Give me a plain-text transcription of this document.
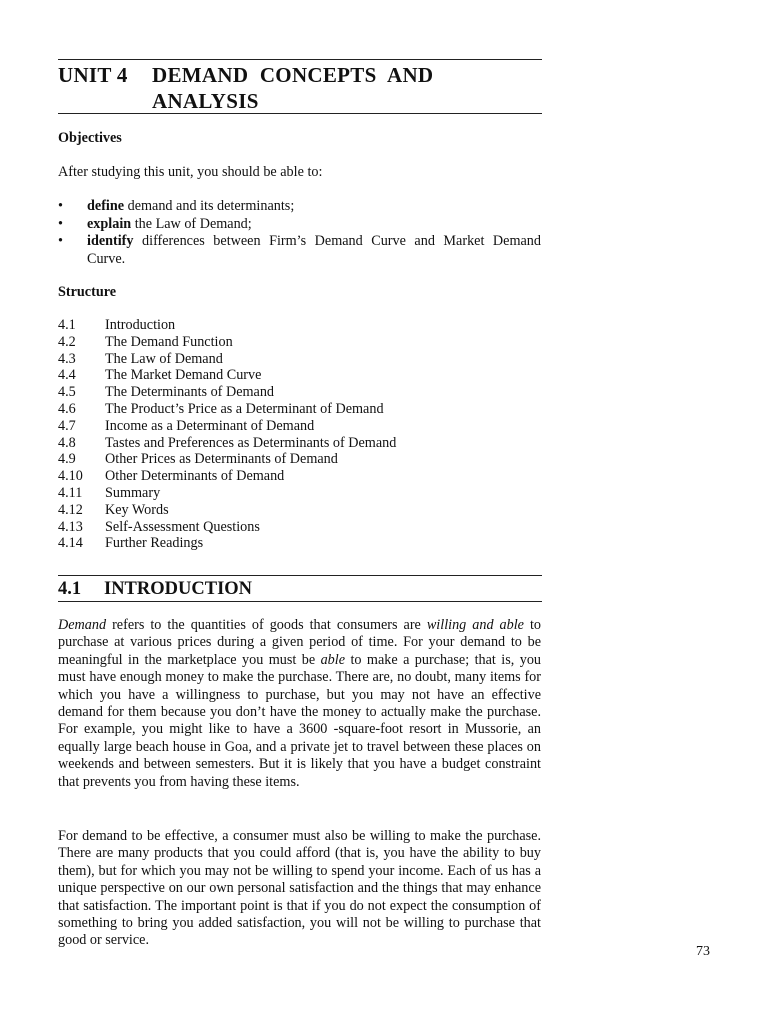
UNIT 4 DEMAND CONCEPTS AND
ANALYSIS
Objectives
After studying this unit, you should be able to:
• define demand and its determinants;
• explain the Law of Demand;
• identify differences between Firm’s Demand Curve and Market Demand Curve.
Structure
4.1 Introduction
4.2 The Demand Function
4.3 The Law of Demand
4.4 The Market Demand Curve
4.5 The Determinants of Demand
4.6 The Product’s Price as a Determinant of Demand
4.7 Income as a Determinant of Demand
4.8 Tastes and Preferences as Determinants of Demand
4.9 Other Prices as Determinants of Demand
4.10 Other Determinants of Demand
4.11 Summary
4.12 Key Words
4.13 Self-Assessment Questions
4.14 Further Readings
4.1 INTRODUCTION
Demand refers to the quantities of goods that consumers are willing and able to purchase at various prices during a given period of time. For your demand to be meaningful in the marketplace you must be able to make a purchase; that is, you must have enough money to make the purchase. There are, no doubt, many items for which you have a willingness to purchase, but you may not have an effective demand for them because you don’t have the money to actually make the purchase. For example, you might like to have a 3600 -square-foot resort in Mussorie, an equally large beach house in Goa, and a private jet to travel between these places on weekends and between semesters. But it is likely that you have a budget constraint that prevents you from having these items.
For demand to be effective, a consumer must also be willing to make the purchase. There are many products that you could afford (that is, you have the ability to buy them), but for which you may not be willing to spend your income. Each of us has a unique perspective on our own personal satisfaction and the things that may enhance that satisfaction. The important point is that if you do not expect the consumption of something to bring you added satisfaction, you will not be willing to purchase that good or service.
73
